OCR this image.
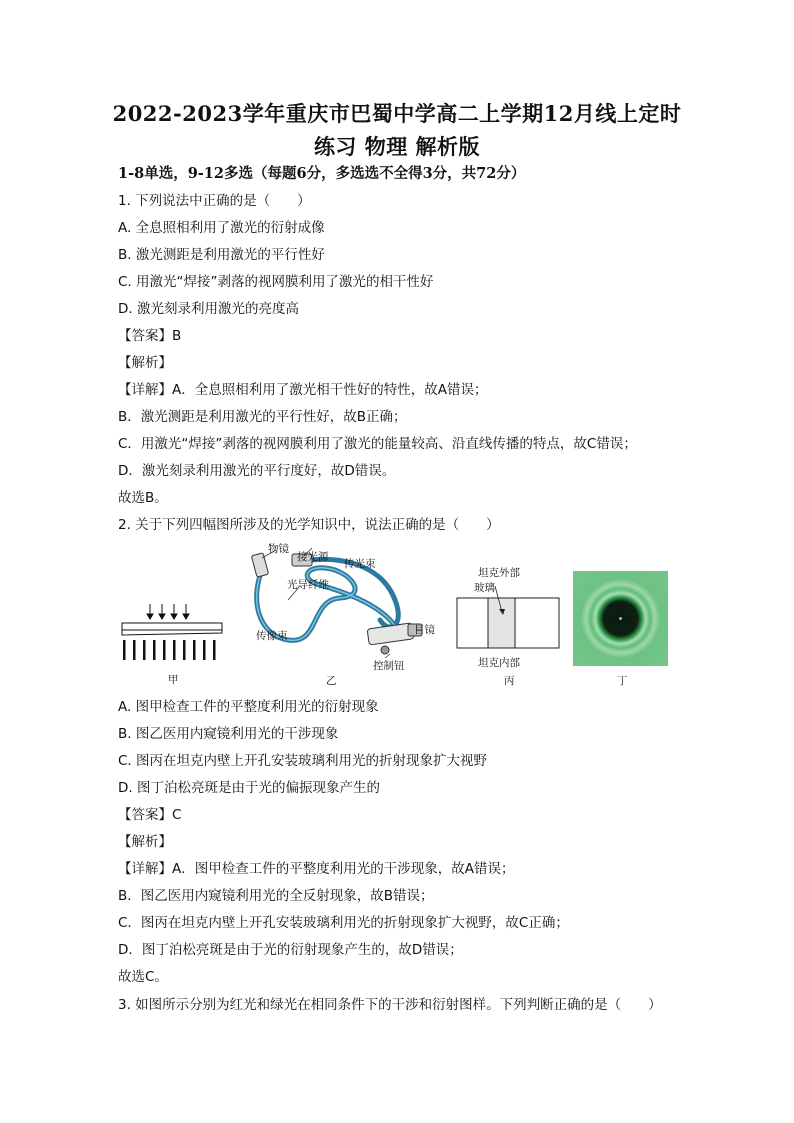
2022-2023学年重庆市巴蜀中学高二上学期12月线上定时
练习 物理 解析版
1-8单选，9-12多选（每题6分，多选选不全得3分，共72分）
1. 下列说法中正确的是（　　）
A. 全息照相利用了激光的衍射成像
B. 激光测距是利用激光的平行性好
C. 用激光“焊接”剥落的视网膜利用了激光的相干性好
D. 激光刻录利用激光的亮度高
【答案】B
【解析】
【详解】A．全息照相利用了激光相干性好的特性，故A错误；
B．激光测距是利用激光的平行性好，故B正确；
C．用激光“焊接”剥落的视网膜利用了激光的能量较高、沿直线传播的特点，故C错误；
D．激光刻录利用激光的平行度好，故D错误。
故选B。
2. 关于下列四幅图所涉及的光学知识中，说法正确的是（　　）
甲
物镜
接光源
传光束
光导纤维
目镜
传像束
控制钮
乙
坦克外部
玻璃
坦克内部
丙	丁
A. 图甲检查工件的平整度利用光的衍射现象
B. 图乙医用内窥镜利用光的干涉现象
C. 图丙在坦克内壁上开孔安装玻璃利用光的折射现象扩大视野
D. 图丁泊松亮斑是由于光的偏振现象产生的
【答案】C
【解析】
【详解】A．图甲检查工件的平整度利用光的干涉现象，故A错误；
B．图乙医用内窥镜利用光的全反射现象，故B错误；
C．图丙在坦克内壁上开孔安装玻璃利用光的折射现象扩大视野，故C正确；
D．图丁泊松亮斑是由于光的衍射现象产生的，故D错误；
故选C。
3. 如图所示分别为红光和绿光在相同条件下的干涉和衍射图样。下列判断正确的是（　　）
